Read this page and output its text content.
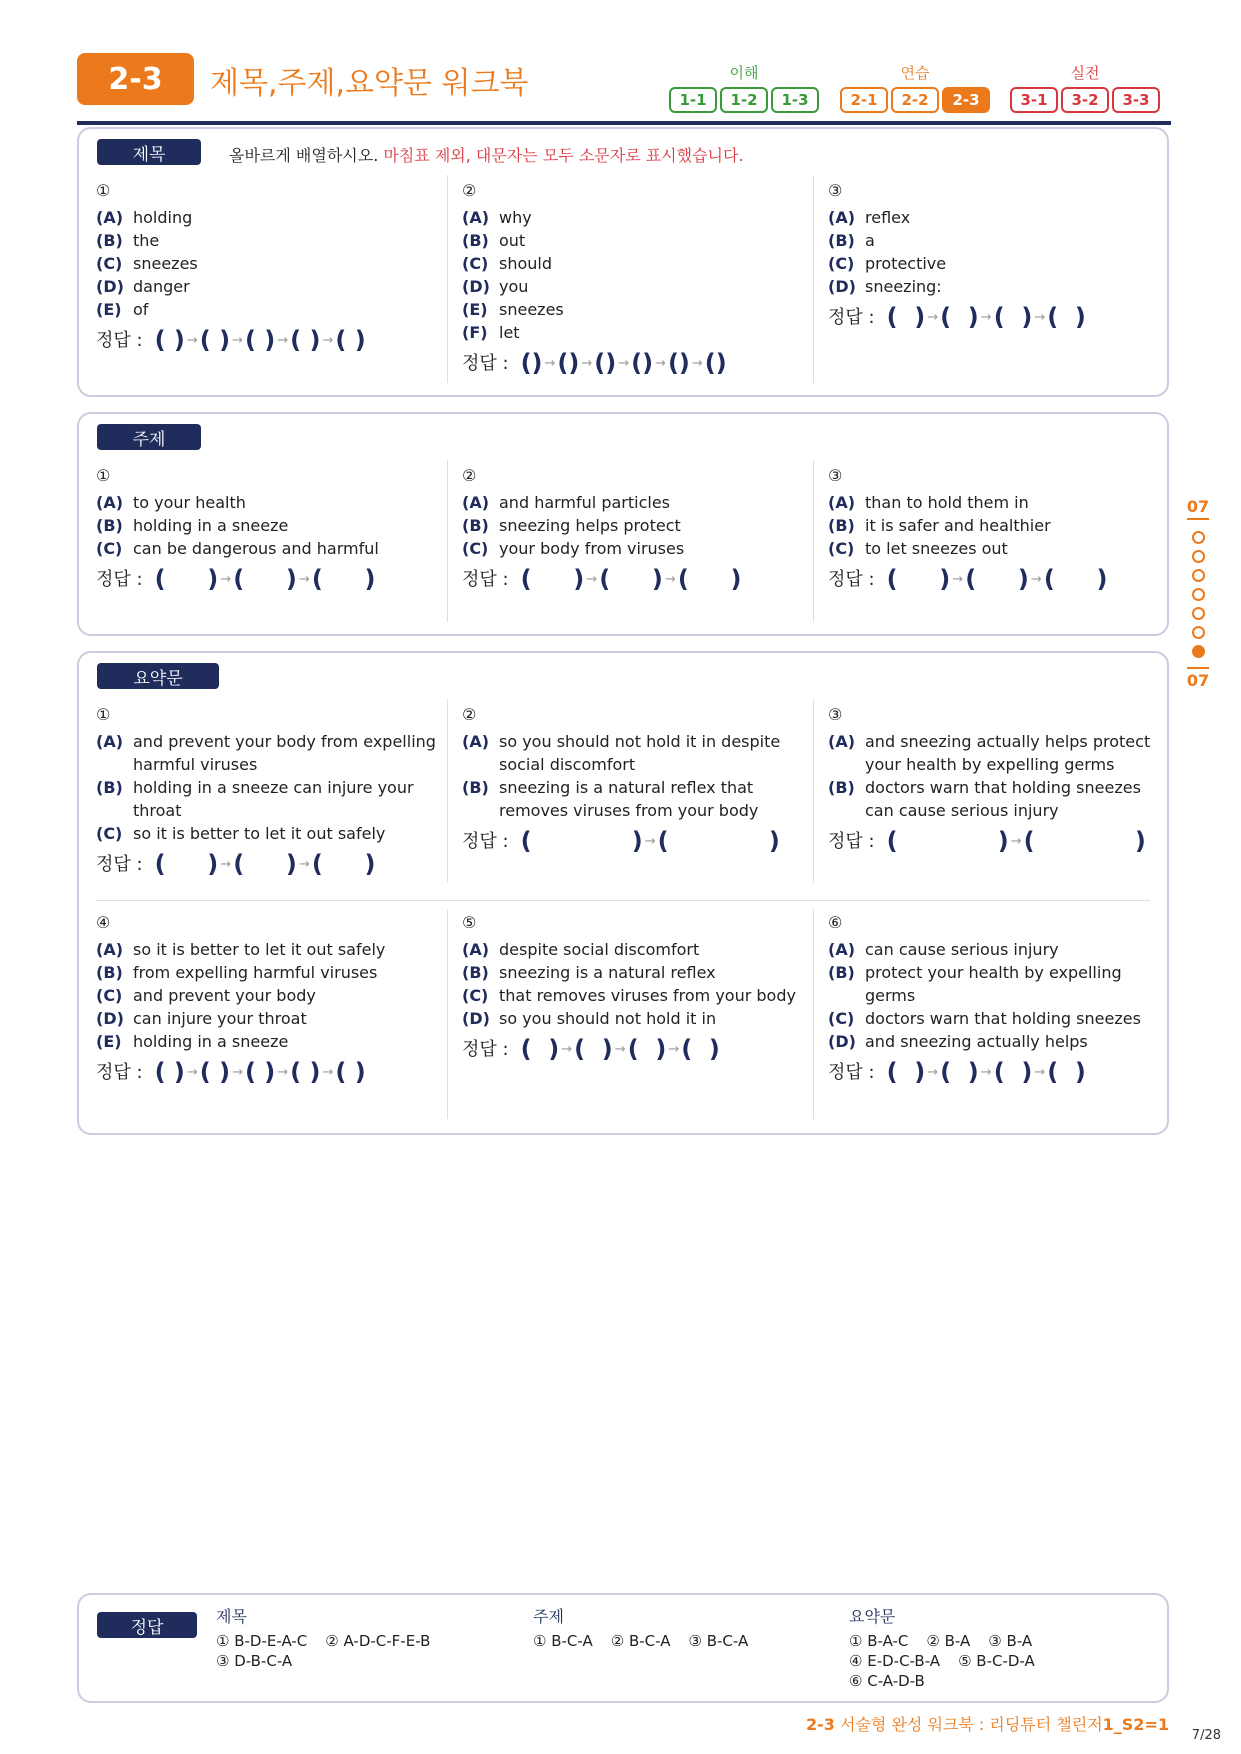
2-3	제목,주제,요약문 워크북	이해
1-1	1-2	1-3
연습
2-1	2-2	2-3
실전
3-1	3-2	3-3
제목	올바르게 배열하시오. 마침표 제외, 대문자는 모두 소문자로 표시했습니다.
①
(A) holding
(B) the
(C) sneezes
(D) danger
(E) of
정답 : ( ) → ( ) → ( ) → ( ) → ( )
②
(A) why
(B) out
(C) should
(D) you
(E) sneezes
(F) let
정답 : () → () → () → () → () → ()
③
(A) reflex
(B) a
(C) protective
(D) sneezing:
정답 : (  ) → (  ) → (  ) → (  )
주제
①
(A) to your health
(B) holding in a sneeze
(C) can be dangerous and harmful
정답 : (     ) → (     ) → (     )
②
(A) and harmful particles
(B) sneezing helps protect
(C) your body from viruses
정답 : (     ) → (     ) → (     )
③
(A) than to hold them in
(B) it is safer and healthier
(C) to let sneezes out
정답 : (     ) → (     ) → (     )
요약문
①
(A) and prevent your body from expelling harmful viruses
(B) holding in a sneeze can injure your throat
(C) so it is better to let it out safely
정답 : (     ) → (     ) → (     )
②
(A) so you should not hold it in despite social discomfort
(B) sneezing is a natural reflex that removes viruses from your body
정답 : (            ) → (            )
③
(A) and sneezing actually helps protect your health by expelling germs
(B) doctors warn that holding sneezes can cause serious injury
정답 : (            ) → (            )
④
(A) so it is better to let it out safely
(B) from expelling harmful viruses
(C) and prevent your body
(D) can injure your throat
(E) holding in a sneeze
정답 : ( ) → ( ) → ( ) → ( ) → ( )
⑤
(A) despite social discomfort
(B) sneezing is a natural reflex
(C) that removes viruses from your body
(D) so you should not hold it in
정답 : (  ) → (  ) → (  ) → (  )
⑥
(A) can cause serious injury
(B) protect your health by expelling germs
(C) doctors warn that holding sneezes
(D) and sneezing actually helps
정답 : (  ) → (  ) → (  ) → (  )
07
07
정답
제목
① B-D-E-A-C ② A-D-C-F-E-B
③ D-B-C-A
주제
① B-C-A ② B-C-A ③ B-C-A
요약문
① B-A-C ② B-A ③ B-A
④ E-D-C-B-A ⑤ B-C-D-A
⑥ C-A-D-B
2-3 서술형 완성 워크북 : 리딩튜터 챌린저1_S2=1
7/28
